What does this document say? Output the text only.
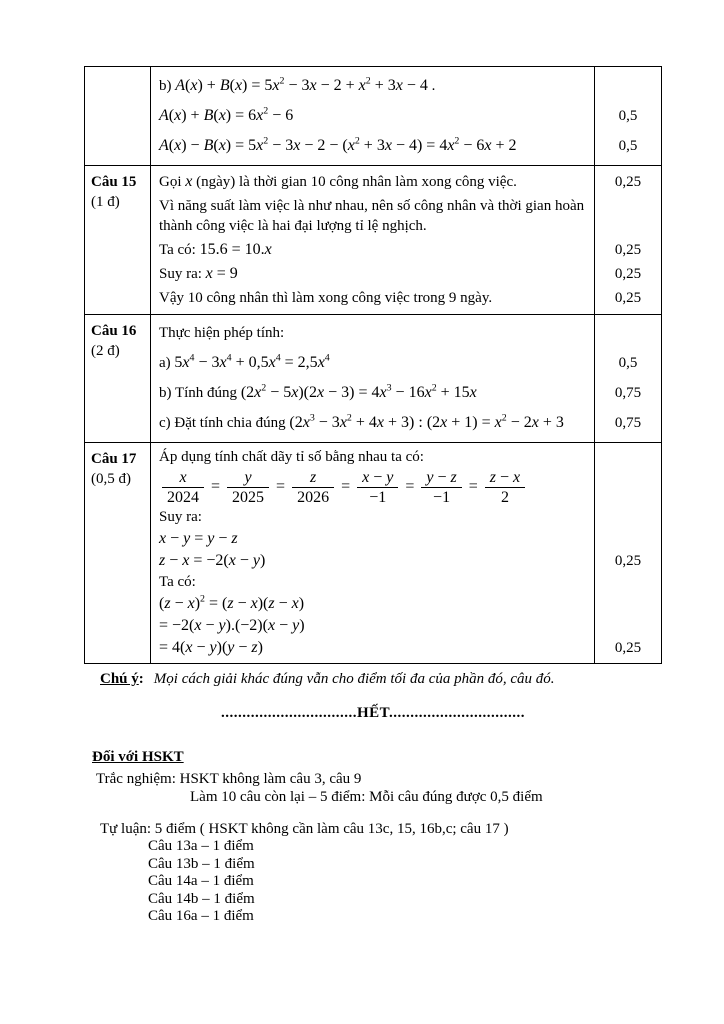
b) $A(x) + B(x) = 5x^2 - 3x - 2 + x^2 + 3x - 4$ .
$A(x) + B(x) = 6x^2 - 6$	0,5
$A(x) - B(x) = 5x^2 - 3x - 2 - (x^2 + 3x - 4) = 4x^2 - 6x + 2$	0,5
Câu 15
(1 đ)
Gọi x (ngày) là thời gian 10 công nhân làm xong công việc.	0,25
Vì năng suất làm việc là như nhau, nên số công nhân và thời gian hoàn thành công việc là hai đại lượng tỉ lệ nghịch.
Ta có: 15.6 = 10.x	0,25
Suy ra: x = 9	0,25
Vậy 10 công nhân thì làm xong công việc trong 9 ngày.	0,25
Câu 16
(2 đ)
Thực hiện phép tính:
a) $5x^4 - 3x^4 + 0,5x^4 = 2,5x^4$	0,5
b) Tính đúng $(2x^2 - 5x)(2x - 3) = 4x^3 - 16x^2 + 15x$	0,75
c) Đặt tính chia đúng $(2x^3 - 3x^2 + 4x + 3)$ : $(2x + 1) = x^2 - 2x + 3$	0,75
Câu 17
(0,5 đ)
Áp dụng tính chất dãy tỉ số bằng nhau ta có:
$\frac{x}{2024} = \frac{y}{2025} = \frac{z}{2026} = \frac{x - y}{-1} = \frac{y - z}{-1} = \frac{z - x}{2}$
Suy ra:
x − y = y − z
z − x = −2(x − y)	0,25
Ta có:
$(z - x)^2 = (z - x)(z - x)$
= −2(x − y).(−2)(x − y)
= 4(x − y)(y − z)	0,25
Chú ý: Mọi cách giải khác đúng vẫn cho điểm tối đa của phần đó, câu đó.
................................HẾT................................
Đối với HSKT
Trắc nghiệm: HSKT không làm câu 3, câu 9
Làm 10 câu còn lại – 5 điểm: Mỗi câu đúng được 0,5 điểm
Tự luận: 5 điểm ( HSKT không cần làm câu 13c, 15, 16b,c; câu 17 )
Câu 13a – 1 điểm
Câu 13b – 1 điểm
Câu 14a – 1 điểm
Câu 14b – 1 điểm
Câu 16a – 1 điểm
